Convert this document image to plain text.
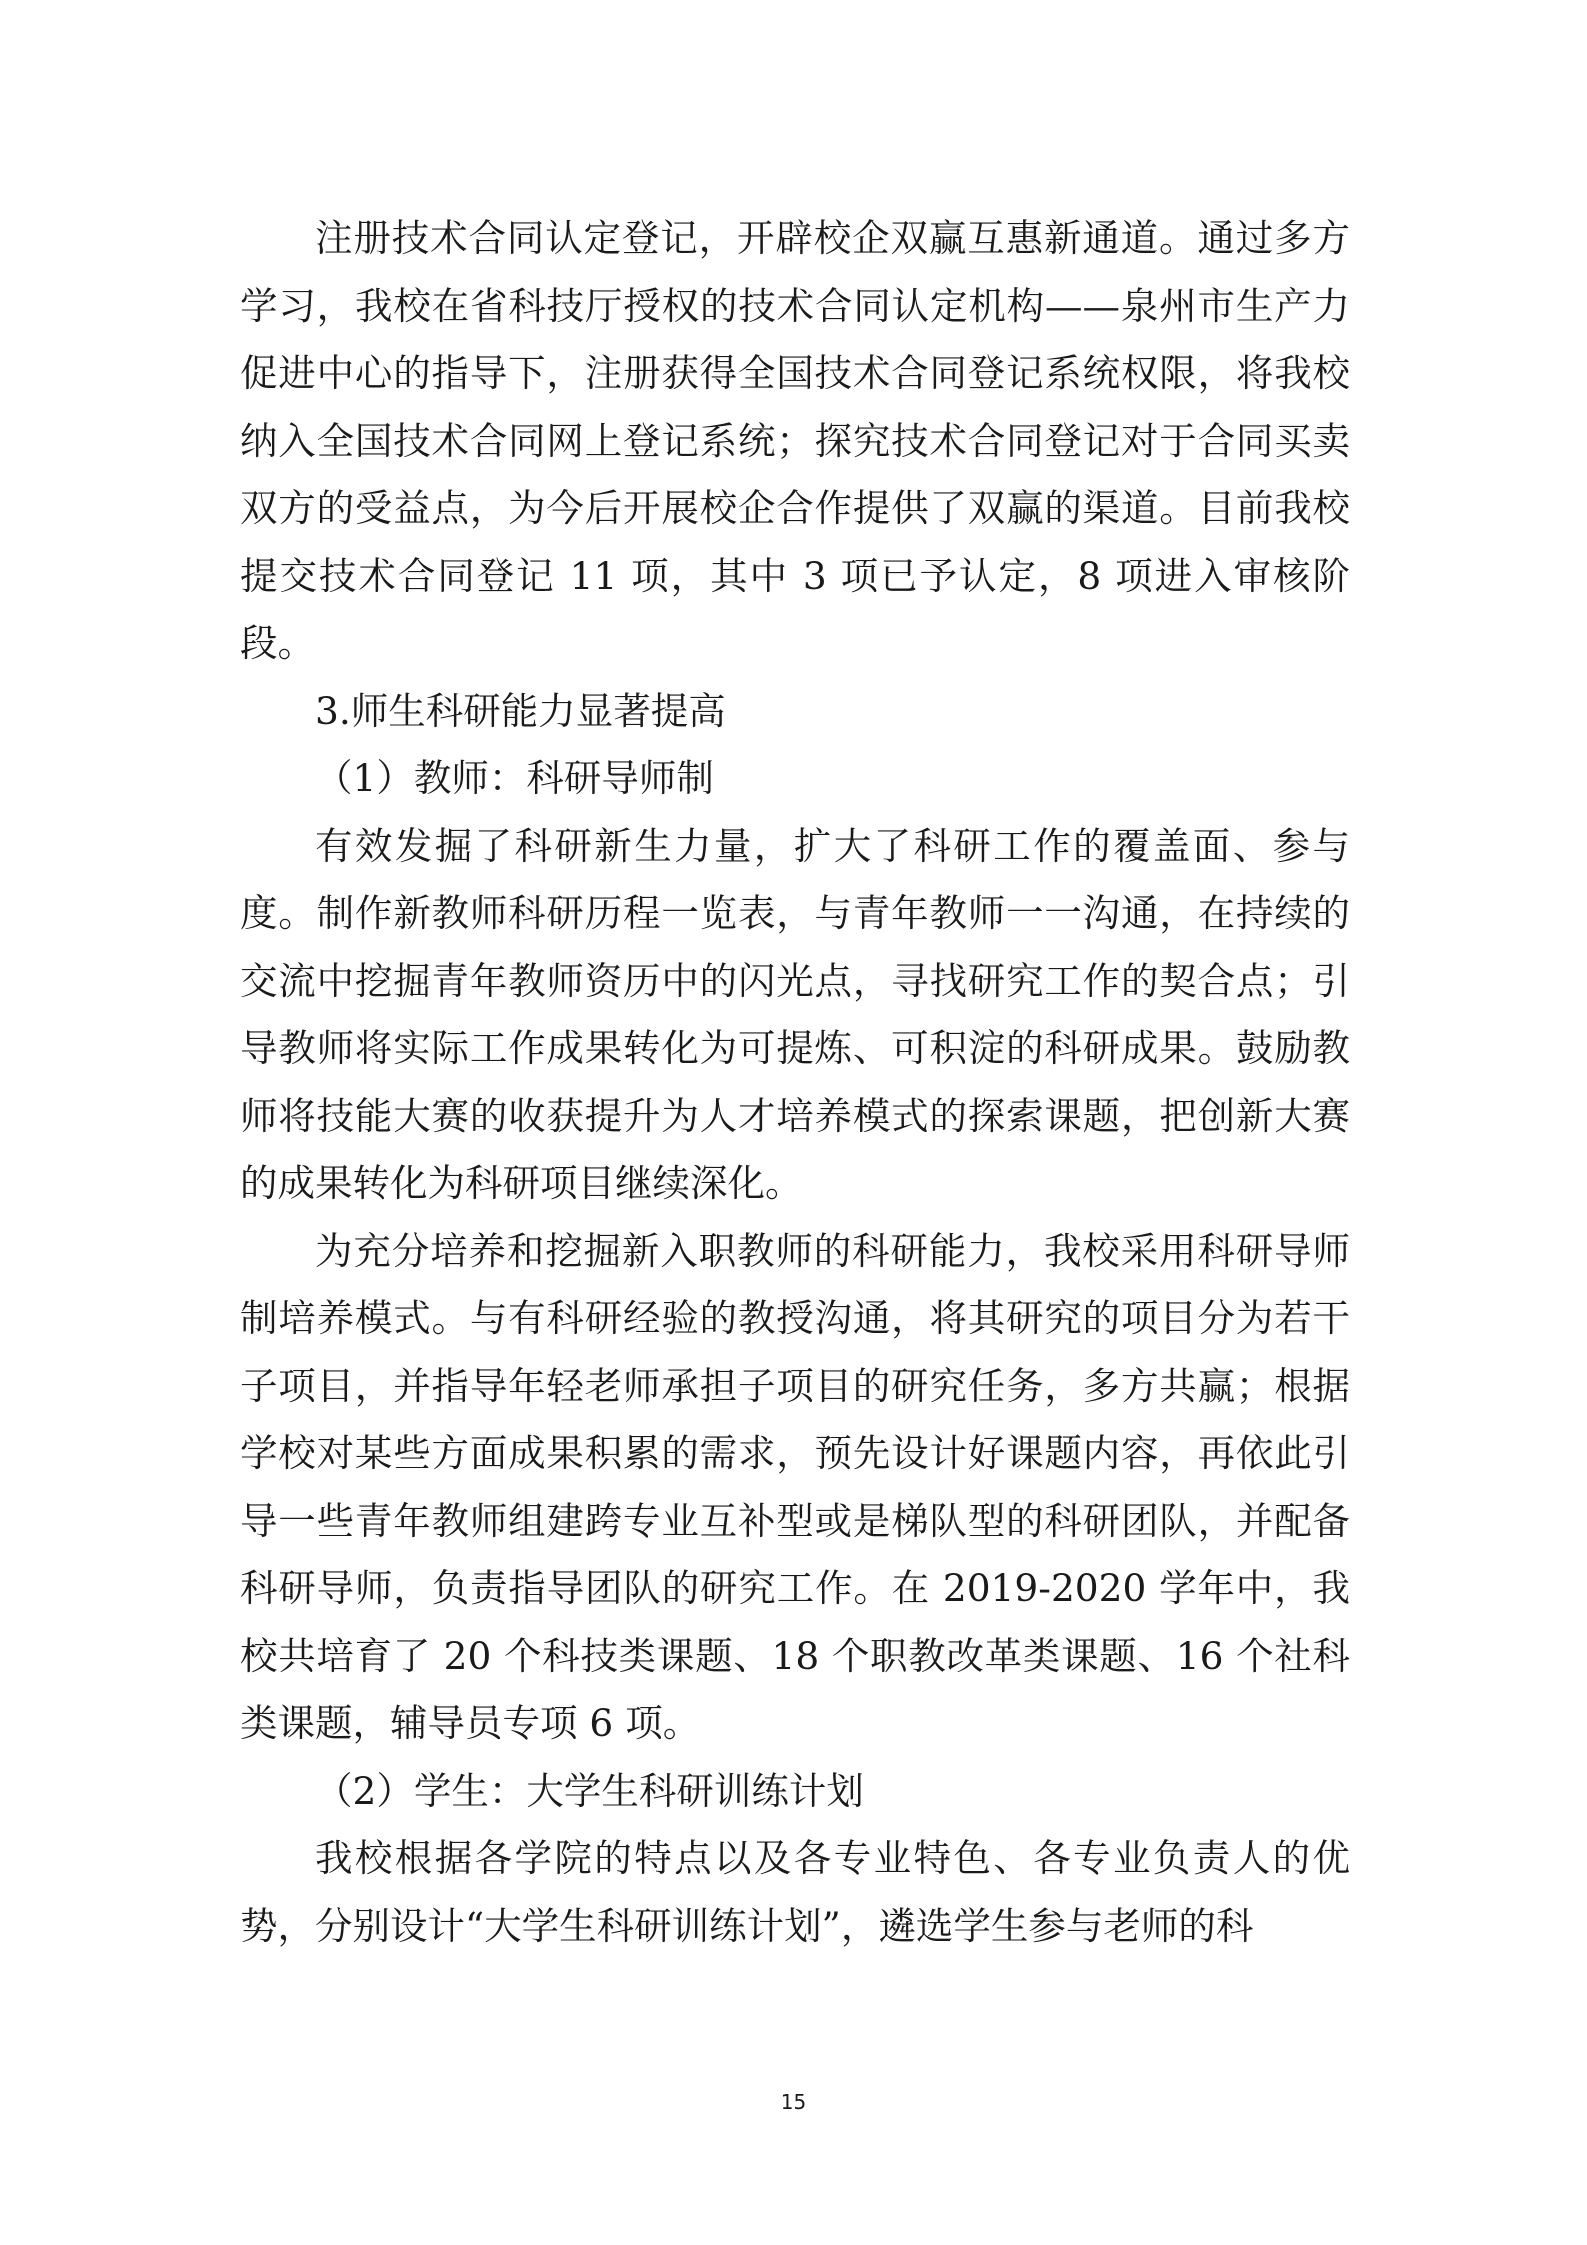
注册技术合同认定登记，开辟校企双赢互惠新通道。通过多方学习，我校在省科技厅授权的技术合同认定机构——泉州市生产力促进中心的指导下，注册获得全国技术合同登记系统权限，将我校纳入全国技术合同网上登记系统；探究技术合同登记对于合同买卖双方的受益点，为今后开展校企合作提供了双赢的渠道。目前我校提交技术合同登记 11 项，其中 3 项已予认定，8 项进入审核阶段。

3.师生科研能力显著提高

（1）教师：科研导师制

有效发掘了科研新生力量，扩大了科研工作的覆盖面、参与度。制作新教师科研历程一览表，与青年教师一一沟通，在持续的交流中挖掘青年教师资历中的闪光点，寻找研究工作的契合点；引导教师将实际工作成果转化为可提炼、可积淀的科研成果。鼓励教师将技能大赛的收获提升为人才培养模式的探索课题，把创新大赛的成果转化为科研项目继续深化。

为充分培养和挖掘新入职教师的科研能力，我校采用科研导师制培养模式。与有科研经验的教授沟通，将其研究的项目分为若干子项目，并指导年轻老师承担子项目的研究任务，多方共赢；根据学校对某些方面成果积累的需求，预先设计好课题内容，再依此引导一些青年教师组建跨专业互补型或是梯队型的科研团队，并配备科研导师，负责指导团队的研究工作。在 2019-2020 学年中，我校共培育了 20 个科技类课题、18 个职教改革类课题、16 个社科类课题，辅导员专项 6 项。

（2）学生：大学生科研训练计划

我校根据各学院的特点以及各专业特色、各专业负责人的优势，分别设计“大学生科研训练计划”，遴选学生参与老师的科

15
